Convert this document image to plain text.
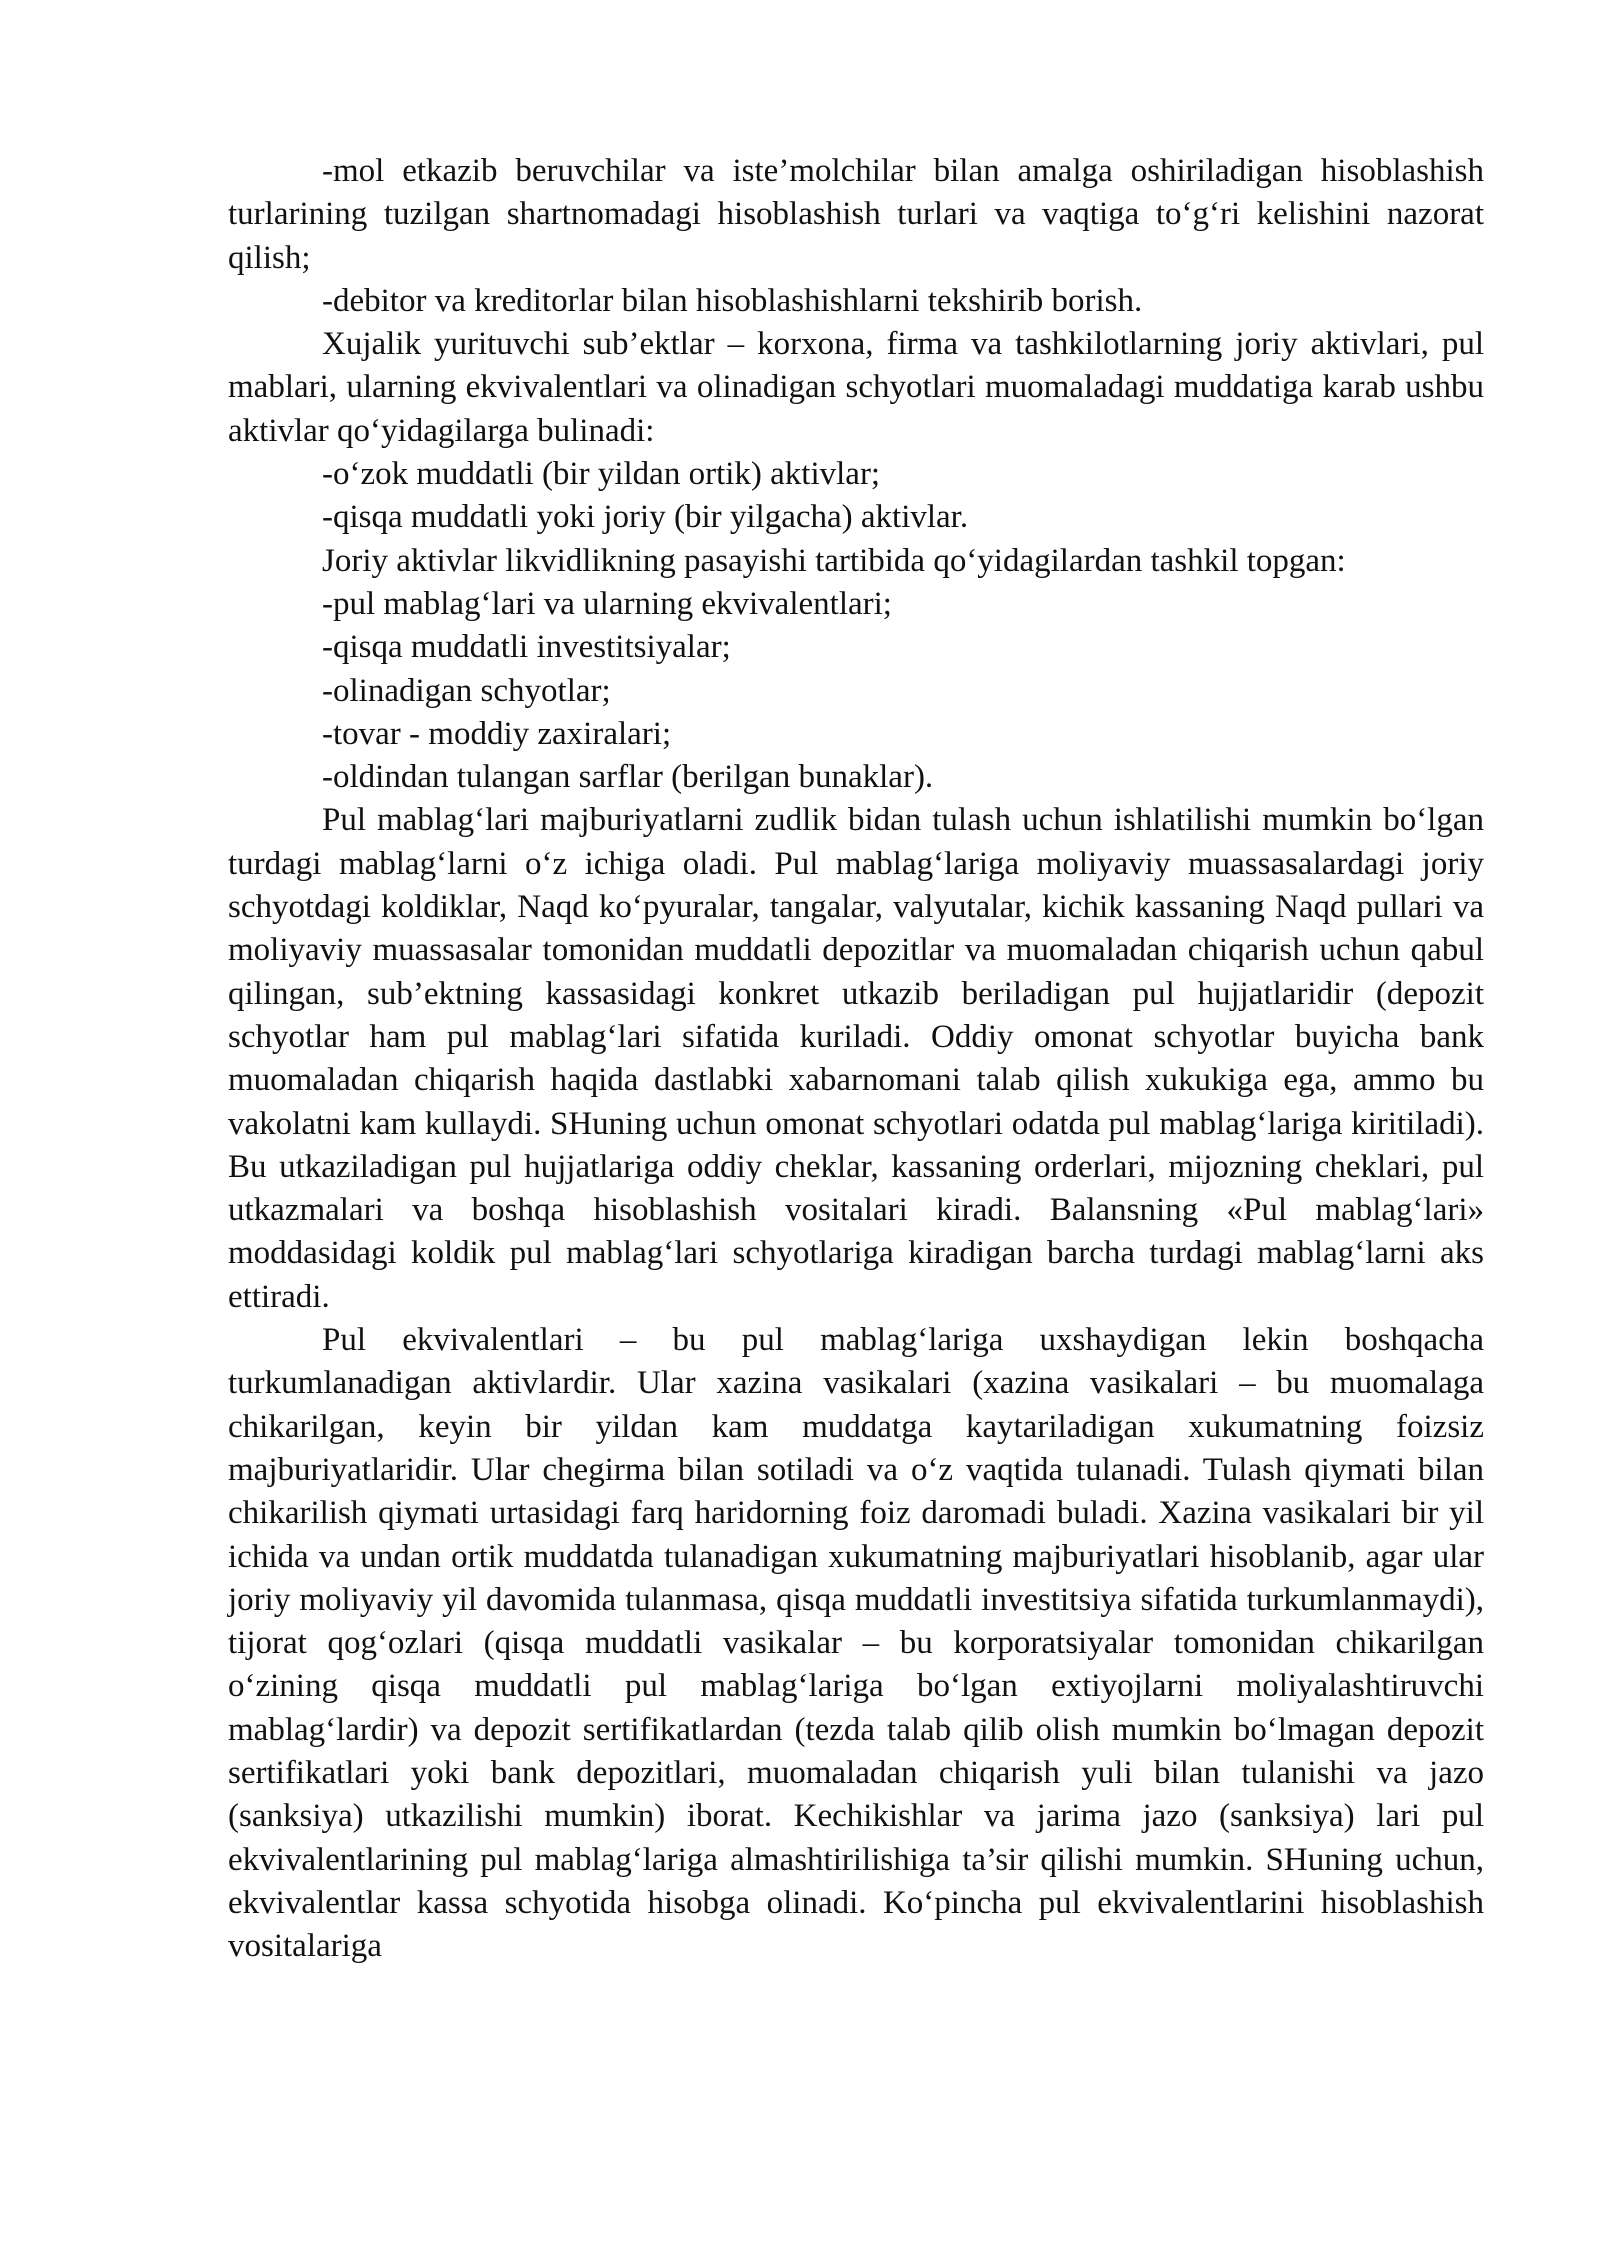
-mol etkazib beruvchilar va iste’molchilar bilan amalga oshiriladigan hisoblashish turlarining tuzilgan shartnomadagi hisoblashish turlari va vaqtiga to‘g‘ri kelishini nazorat qilish;

-debitor va kreditorlar bilan hisoblashishlarni tekshirib borish.

Xujalik yurituvchi sub’ektlar – korxona, firma va tashkilotlarning joriy aktivlari, pul mablari, ularning ekvivalentlari va olinadigan schyotlari muomaladagi muddatiga karab ushbu aktivlar qo‘yidagilarga bulinadi:

-o‘zok muddatli (bir yildan ortik) aktivlar;

-qisqa muddatli yoki joriy (bir yilgacha) aktivlar.

Joriy aktivlar likvidlikning pasayishi tartibida qo‘yidagilardan tashkil topgan:

-pul mablag‘lari va ularning ekvivalentlari;

-qisqa muddatli investitsiyalar;

-olinadigan schyotlar;

-tovar - moddiy zaxiralari;

-oldindan tulangan sarflar (berilgan bunaklar).

Pul mablag‘lari majburiyatlarni zudlik bidan tulash uchun ishlatilishi mumkin bo‘lgan turdagi mablag‘larni o‘z ichiga oladi. Pul mablag‘lariga moliyaviy muassasalardagi joriy schyotdagi koldiklar, Naqd ko‘pyuralar, tangalar, valyutalar, kichik kassaning Naqd pullari va moliyaviy muassasalar tomonidan muddatli depozitlar va muomaladan chiqarish uchun qabul qilingan, sub’ektning kassasidagi konkret utkazib beriladigan pul hujjatlaridir (depozit schyotlar ham pul mablag‘lari sifatida kuriladi. Oddiy omonat schyotlar buyicha bank muomaladan chiqarish haqida dastlabki xabarnomani talab qilish xukukiga ega, ammo bu vakolatni kam kullaydi. SHuning uchun omonat schyotlari odatda pul mablag‘lariga kiritiladi). Bu utkaziladigan pul hujjatlariga oddiy cheklar, kassaning orderlari, mijozning cheklari, pul utkazmalari va boshqa hisoblashish vositalari kiradi. Balansning «Pul mablag‘lari» moddasidagi koldik pul mablag‘lari schyotlariga kiradigan barcha turdagi mablag‘larni aks ettiradi.

Pul ekvivalentlari – bu pul mablag‘lariga uxshaydigan lekin boshqacha turkumlanadigan aktivlardir. Ular xazina vasikalari (xazina vasikalari – bu muomalaga chikarilgan, keyin bir yildan kam muddatga kaytariladigan xukumatning foizsiz majburiyatlaridir. Ular chegirma bilan sotiladi va o‘z vaqtida tulanadi. Tulash qiymati bilan chikarilish qiymati urtasidagi farq haridorning foiz daromadi buladi. Xazina vasikalari bir yil ichida va undan ortik muddatda tulanadigan xukumatning majburiyatlari hisoblanib, agar ular joriy moliyaviy yil davomida tulanmasa, qisqa muddatli investitsiya sifatida turkumlanmaydi), tijorat qog‘ozlari (qisqa muddatli vasikalar – bu korporatsiyalar tomonidan chikarilgan o‘zining qisqa muddatli pul mablag‘lariga bo‘lgan extiyojlarni moliyalashtiruvchi mablag‘lardir) va depozit sertifikatlardan (tezda talab qilib olish mumkin bo‘lmagan depozit sertifikatlari yoki bank depozitlari, muomaladan chiqarish yuli bilan tulanishi va jazo (sanksiya) utkazilishi mumkin) iborat. Kechikishlar va jarima jazo (sanksiya) lari pul ekvivalentlarining pul mablag‘lariga almashtirilishiga ta’sir qilishi mumkin. SHuning uchun, ekvivalentlar kassa schyotida hisobga olinadi. Ko‘pincha pul ekvivalentlarini hisoblashish vositalariga
